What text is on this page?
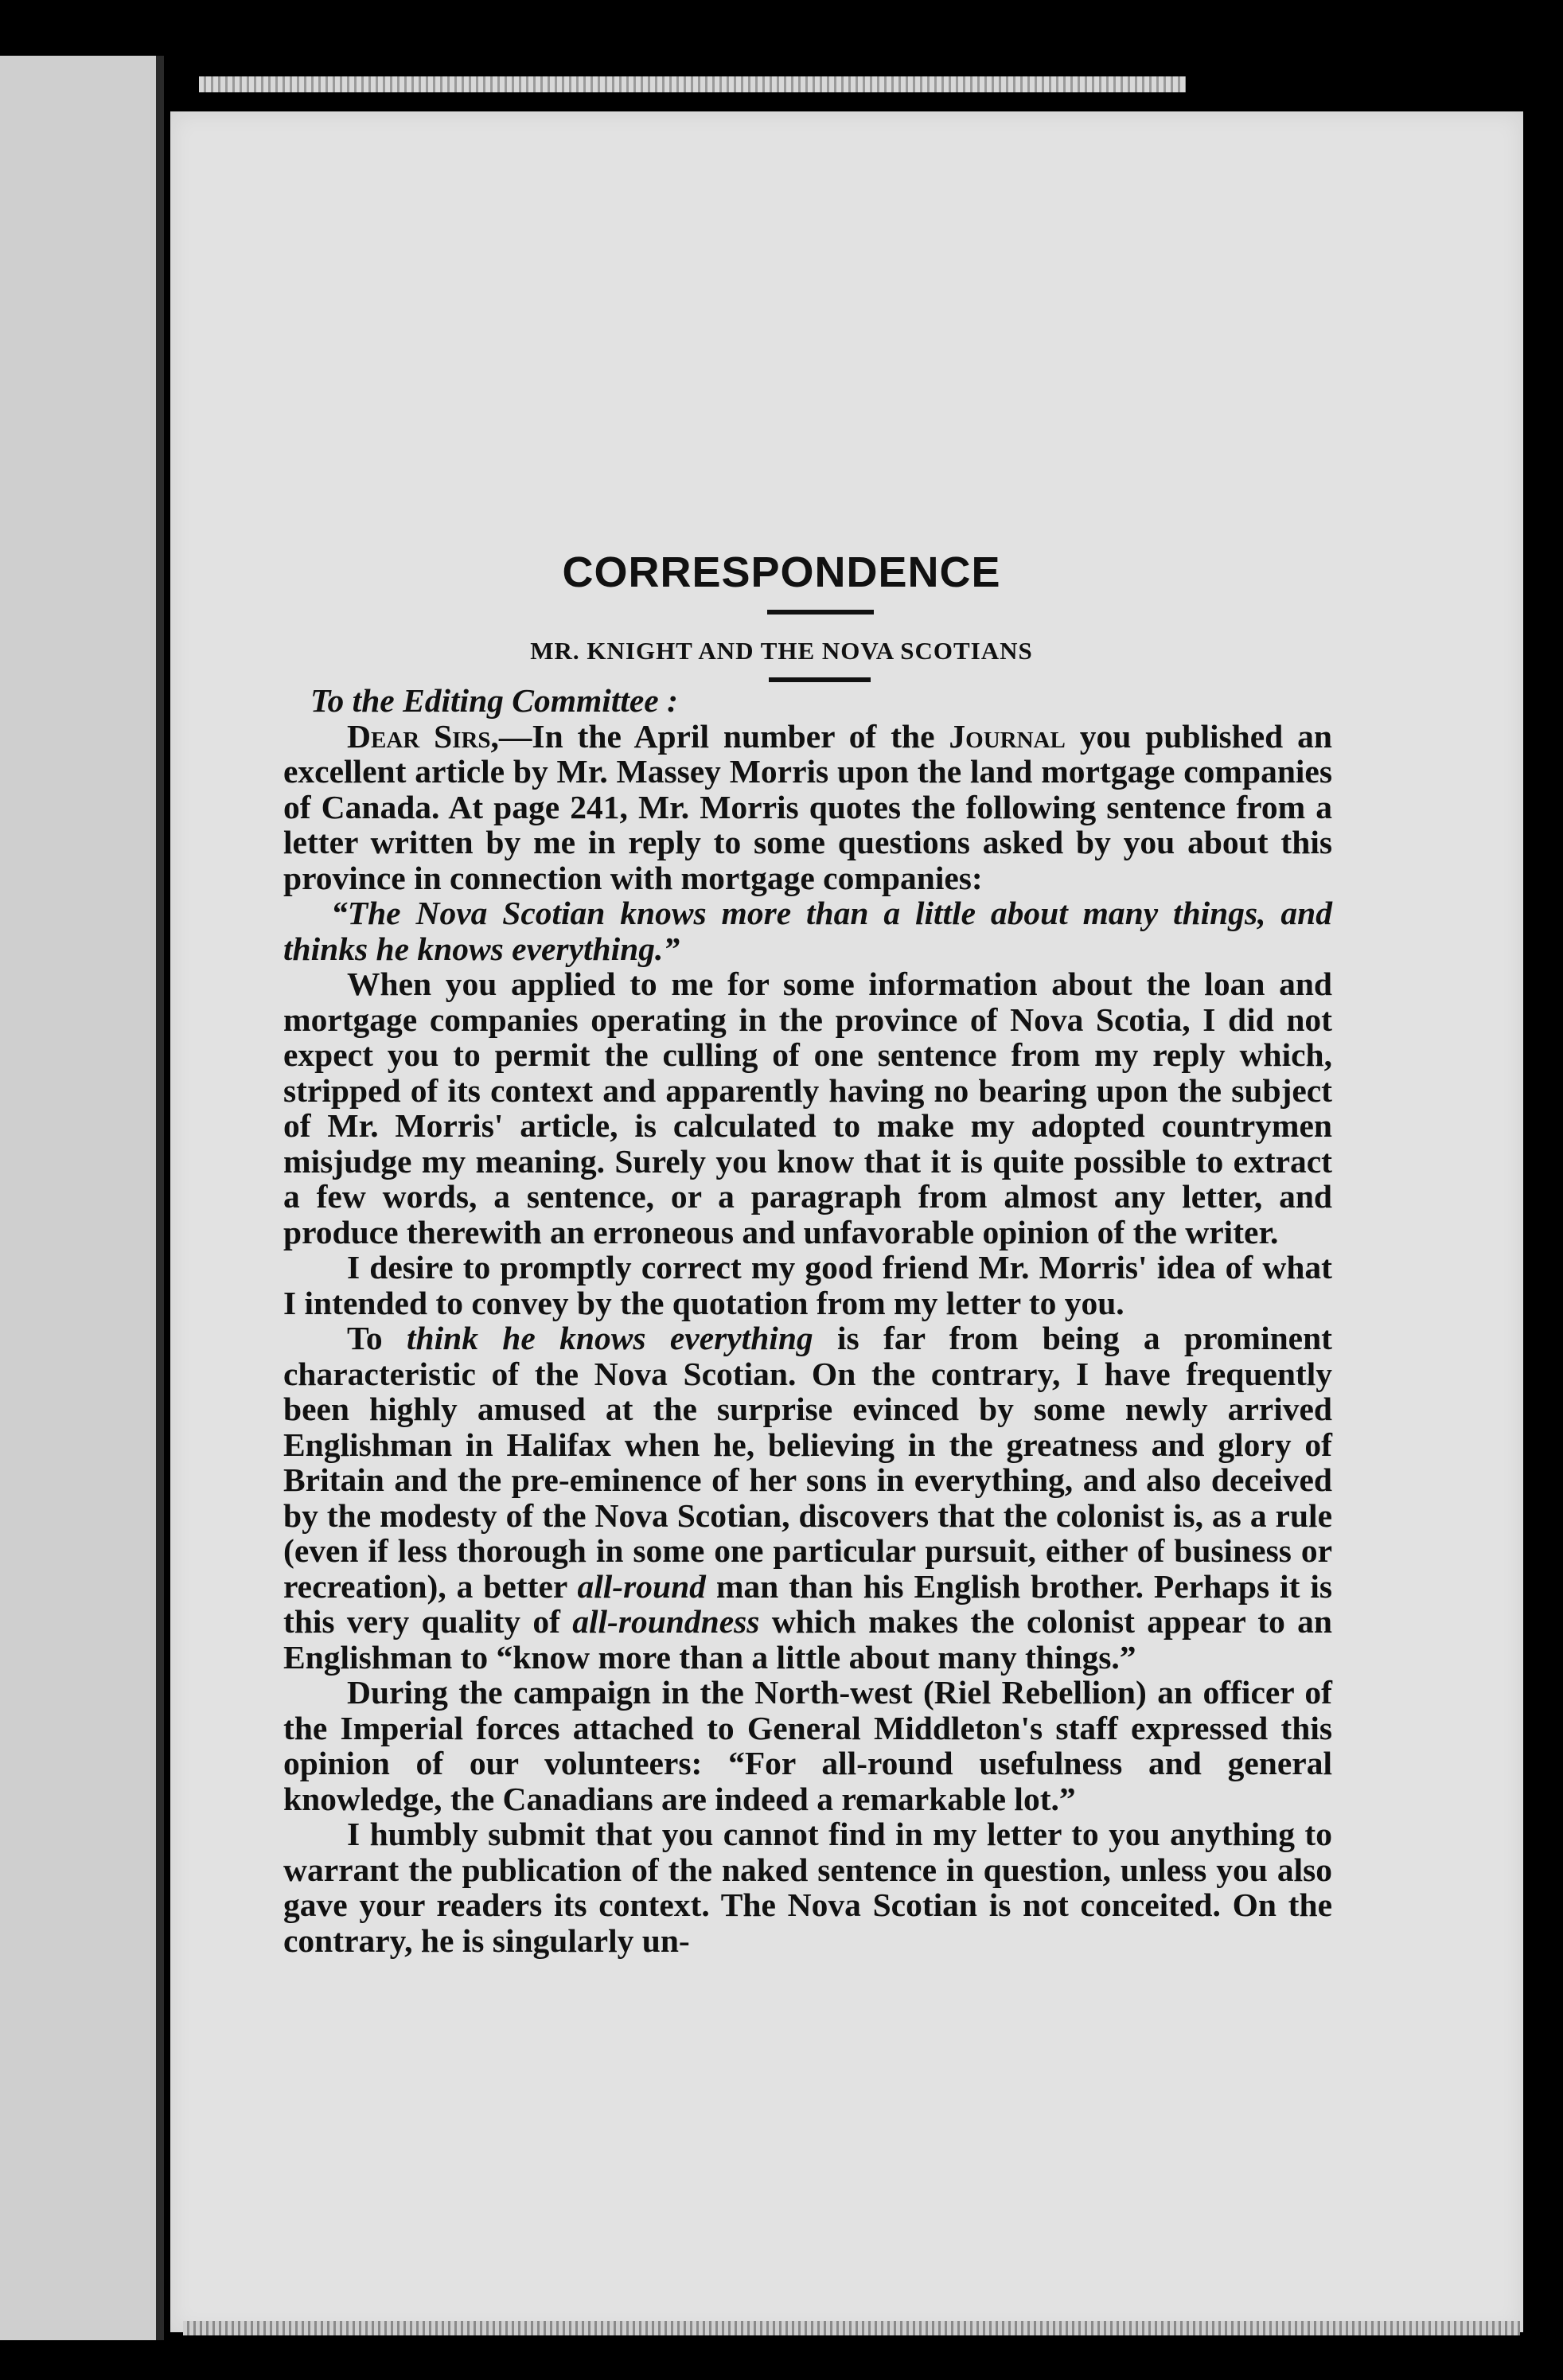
CORRESPONDENCE
MR. KNIGHT AND THE NOVA SCOTIANS

To the Editing Committee :

Dear Sirs,—In the April number of the Journal you published an excellent article by Mr. Massey Morris upon the land mortgage companies of Canada. At page 241, Mr. Morris quotes the following sentence from a letter written by me in reply to some questions asked by you about this province in connection with mortgage companies:

“The Nova Scotian knows more than a little about many things, and thinks he knows everything.”

When you applied to me for some information about the loan and mortgage companies operating in the province of Nova Scotia, I did not expect you to permit the culling of one sentence from my reply which, stripped of its context and apparently having no bearing upon the subject of Mr. Morris' article, is calculated to make my adopted countrymen misjudge my meaning. Surely you know that it is quite possible to extract a few words, a sentence, or a paragraph from almost any letter, and produce therewith an erroneous and unfavorable opinion of the writer.

I desire to promptly correct my good friend Mr. Morris' idea of what I intended to convey by the quotation from my letter to you.

To think he knows everything is far from being a prominent characteristic of the Nova Scotian. On the contrary, I have frequently been highly amused at the surprise evinced by some newly arrived Englishman in Halifax when he, believing in the greatness and glory of Britain and the pre-eminence of her sons in everything, and also deceived by the modesty of the Nova Scotian, discovers that the colonist is, as a rule (even if less thorough in some one particular pursuit, either of business or recreation), a better all-round man than his English brother. Perhaps it is this very quality of all-roundness which makes the colonist appear to an Englishman to “know more than a little about many things.”

During the campaign in the North-west (Riel Rebellion) an officer of the Imperial forces attached to General Middleton's staff expressed this opinion of our volunteers: “For all-round usefulness and general knowledge, the Canadians are indeed a remarkable lot.”

I humbly submit that you cannot find in my letter to you anything to warrant the publication of the naked sentence in question, unless you also gave your readers its context. The Nova Scotian is not conceited. On the contrary, he is singularly un-
